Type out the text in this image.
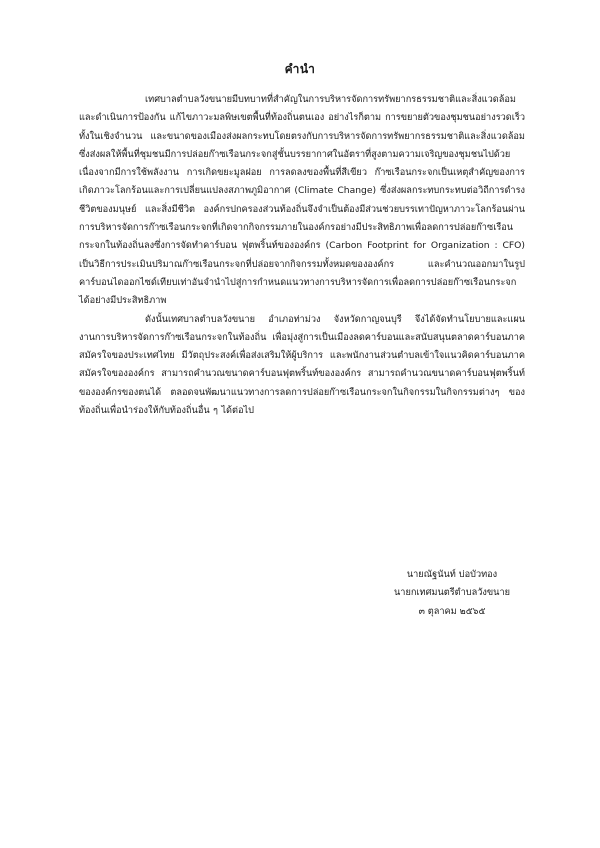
คำนำ

เทศบาลตำบลวังขนายมีบทบาทที่สำคัญในการบริหารจัดการทรัพยากรธรรมชาติและสิ่งแวดล้อม และดำเนินการป้องกัน แก้ไขภาวะมลพิษเขตพื้นที่ท้องถิ่นตนเอง อย่างไรก็ตาม การขยายตัวของชุมชนอย่างรวดเร็วทั้งในเชิงจำนวน และขนาดของเมืองส่งผลกระทบโดยตรงกับการบริหารจัดการทรัพยากรธรรมชาติและสิ่งแวดล้อม ซึ่งส่งผลให้พื้นที่ชุมชนมีการปล่อยก๊าซเรือนกระจกสู่ชั้นบรรยากาศในอัตราที่สูงตามความเจริญของชุมชนไปด้วย เนื่องจากมีการใช้พลังงาน การเกิดขยะมูลฝอย การลดลงของพื้นที่สีเขียว ก๊าซเรือนกระจกเป็นเหตุสำคัญของการเกิดภาวะโลกร้อนและการเปลี่ยนแปลงสภาพภูมิอากาศ (Climate Change) ซึ่งส่งผลกระทบกระทบต่อวิถีการดำรงชีวิตของมนุษย์ และสิ่งมีชีวิต องค์กรปกครองส่วนท้องถิ่นจึงจำเป็นต้องมีส่วนช่วยบรรเทาปัญหาภาวะโลกร้อนผ่านการบริหารจัดการก๊าซเรือนกระจกที่เกิดจากกิจกรรมภายในองค์กรอย่างมีประสิทธิภาพเพื่อลดการปล่อยก๊าซเรือนกระจกในท้องถิ่นลงซึ่งการจัดทำคาร์บอน ฟุตพริ้นท์ขององค์กร (Carbon Footprint for Organization : CFO) เป็นวิธีการประเมินปริมาณก๊าซเรือนกระจกที่ปล่อยจากกิจกรรมทั้งหมดขององค์กร และคำนวณออกมาในรูปคาร์บอนไดออกไซด์เทียบเท่าอันจำนำไปสู่การกำหนดแนวทางการบริหารจัดการเพื่อลดการปล่อยก๊าซเรือนกระจกได้อย่างมีประสิทธิภาพ

ดังนั้นเทศบาลตำบลวังขนาย อำเภอท่าม่วง จังหวัดกาญจนบุรี จึงได้จัดทำนโยบายและแผนงานการบริหารจัดการก๊าซเรือนกระจกในท้องถิ่น เพื่อมุ่งสู่การเป็นเมืองลดคาร์บอนและสนับสนุนตลาดคาร์บอนภาคสมัครใจของประเทศไทย มีวัตถุประสงค์เพื่อส่งเสริมให้ผู้บริการ และพนักงานส่วนตำบลเข้าใจแนวคิดคาร์บอนภาคสมัครใจขององค์กร สามารถคำนวณขนาดคาร์บอนฟุตพริ้นท์ขององค์กร สามารถคำนวณขนาดคาร์บอนฟุตพริ้นท์ขององค์กรของตนได้ ตลอดจนพัฒนาแนวทางการลดการปล่อยก๊าซเรือนกระจกในกิจกรรมในกิจกรรมต่างๆ ของท้องถิ่นเพื่อนำร่องให้กับท้องถิ่นอื่น ๆ ได้ต่อไป

นายณัฐนันท์ บ่อบัวทอง
นายกเทศมนตรีตำบลวังขนาย
๓ ตุลาคม ๒๕๖๕
